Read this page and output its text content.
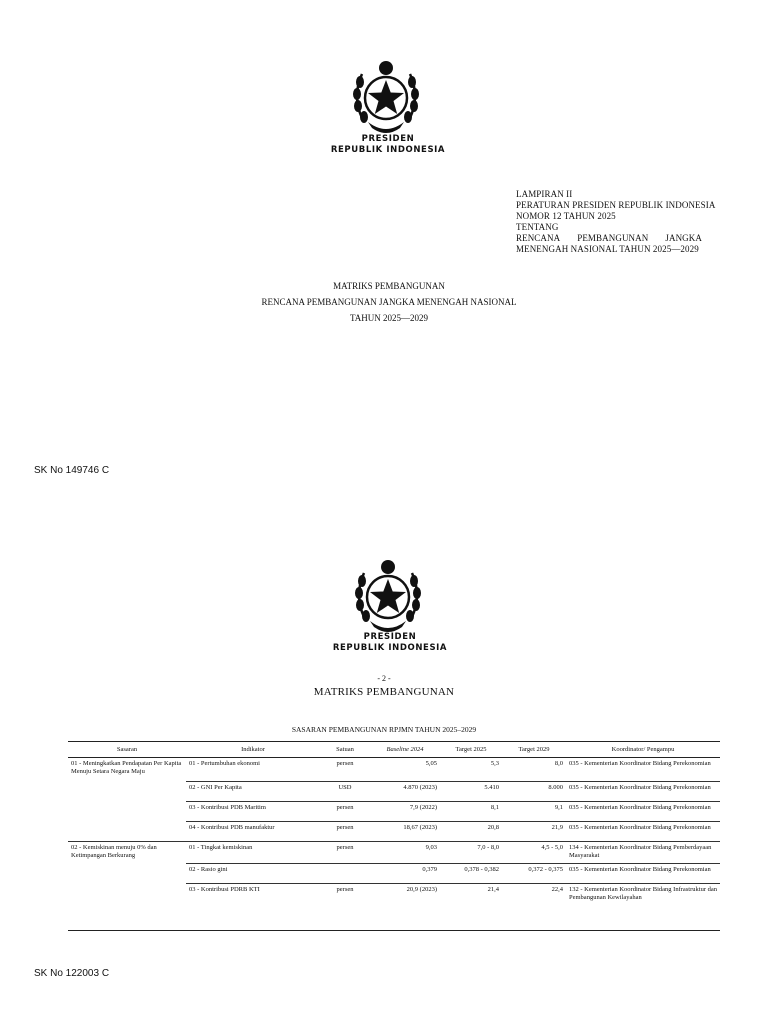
PRESIDEN
REPUBLIK INDONESIA
LAMPIRAN II
PERATURAN PRESIDEN REPUBLIK INDONESIA
NOMOR 12 TAHUN 2025
TENTANG
RENCANA PEMBANGUNAN JANGKA
MENENGAH NASIONAL TAHUN 2025—2029
MATRIKS PEMBANGUNAN
RENCANA PEMBANGUNAN JANGKA MENENGAH NASIONAL
TAHUN 2025—2029
SK No 149746 C
PRESIDEN
REPUBLIK INDONESIA
- 2 -
MATRIKS PEMBANGUNAN
SASARAN PEMBANGUNAN RPJMN TAHUN 2025–2029
Sasaran	Indikator	Satuan	Baseline 2024	Target 2025	Target 2029	Koordinator/ Pengampu
01 - Meningkatkan Pendapatan Per Kapita Menuju Setara Negara Maju	01 - Pertumbuhan ekonomi	persen	5,05	5,3	8,0	035 - Kementerian Koordinator Bidang Perekonomian
	02 - GNI Per Kapita	USD	4.870 (2023)	5.410	8.000	035 - Kementerian Koordinator Bidang Perekonomian
	03 - Kontribusi PDB Maritim	persen	7,9 (2022)	8,1	9,1	035 - Kementerian Koordinator Bidang Perekonomian
	04 - Kontribusi PDB manufaktur	persen	18,67 (2023)	20,8	21,9	035 - Kementerian Koordinator Bidang Perekonomian
02 - Kemiskinan menuju 0% dan Ketimpangan Berkurang	01 - Tingkat kemiskinan	persen	9,03	7,0 - 8,0	4,5 - 5,0	134 - Kementerian Koordinator Bidang Pemberdayaan Masyarakat
	02 - Rasio gini		0,379	0,378 - 0,382	0,372 - 0,375	035 - Kementerian Koordinator Bidang Perekonomian
	03 - Kontribusi PDRB KTI	persen	20,9 (2023)	21,4	22,4	132 - Kementerian Koordinator Bidang Infrastruktur dan Pembangunan Kewilayahan
SK No 122003 C
